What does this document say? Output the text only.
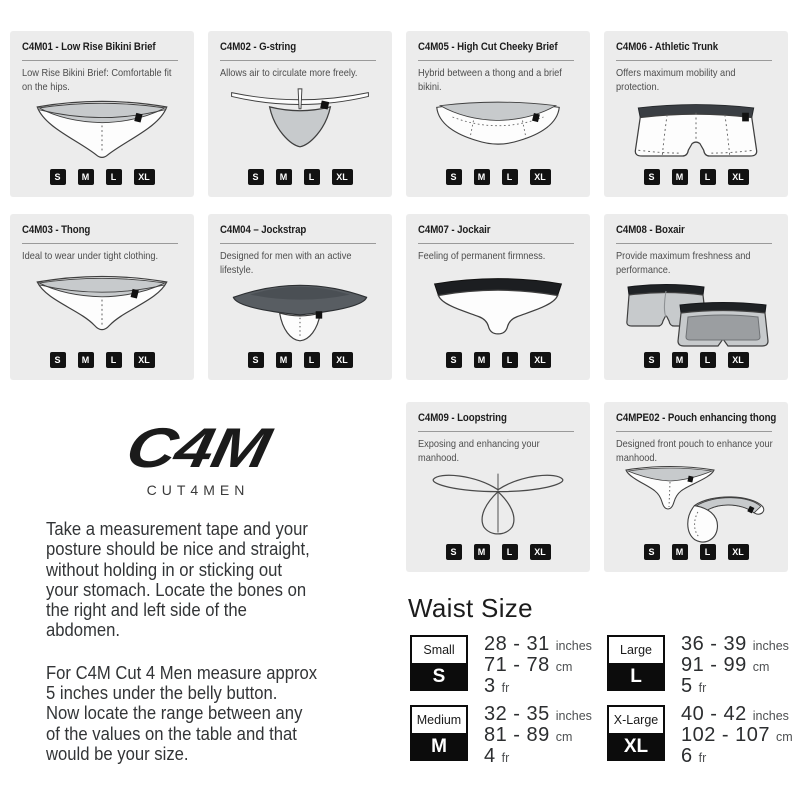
C4M01 - Low Rise Bikini Brief

Low Rise Bikini Brief: Comfortable fit on the hips.

S	M	L	XL
C4M02 - G-string

Allows air to circulate more freely.

S	M	L	XL
C4M05 - High Cut Cheeky Brief

Hybrid between a thong and a brief bikini.

S	M	L	XL
C4M06 - Athletic Trunk

Offers maximum mobility and protection.

S	M	L	XL
C4M03 - Thong

Ideal to wear under tight clothing.

S	M	L	XL
C4M04 – Jockstrap

Designed for men with an active lifestyle.

S	M	L	XL
C4M07 - Jockair

Feeling of permanent firmness.

S	M	L	XL
C4M08 - Boxair

Provide maximum freshness and performance.

S	M	L	XL
C4M09 - Loopstring

Exposing and enhancing your manhood.

S	M	L	XL
C4MPE02 - Pouch enhancing thong

Designed front pouch to enhance your manhood.

S	M	L	XL
C4M
CUT4MEN
Take a measurement tape and your
posture should be nice and straight,
without holding in or sticking out
your stomach. Locate the bones on
the right and left side of the
abdomen.
For C4M Cut 4 Men measure approx
5 inches under the belly button.
Now locate the range between any
of the values on the table and that
would be your size.
Waist Size
Small
S
28 - 31 inches
71 - 78 cm
3 fr
Large
L
36 - 39 inches
91 - 99 cm
5 fr
Medium
M
32 - 35 inches
81 - 89 cm
4 fr
X-Large
XL
40 - 42 inches
102 - 107 cm
6 fr
